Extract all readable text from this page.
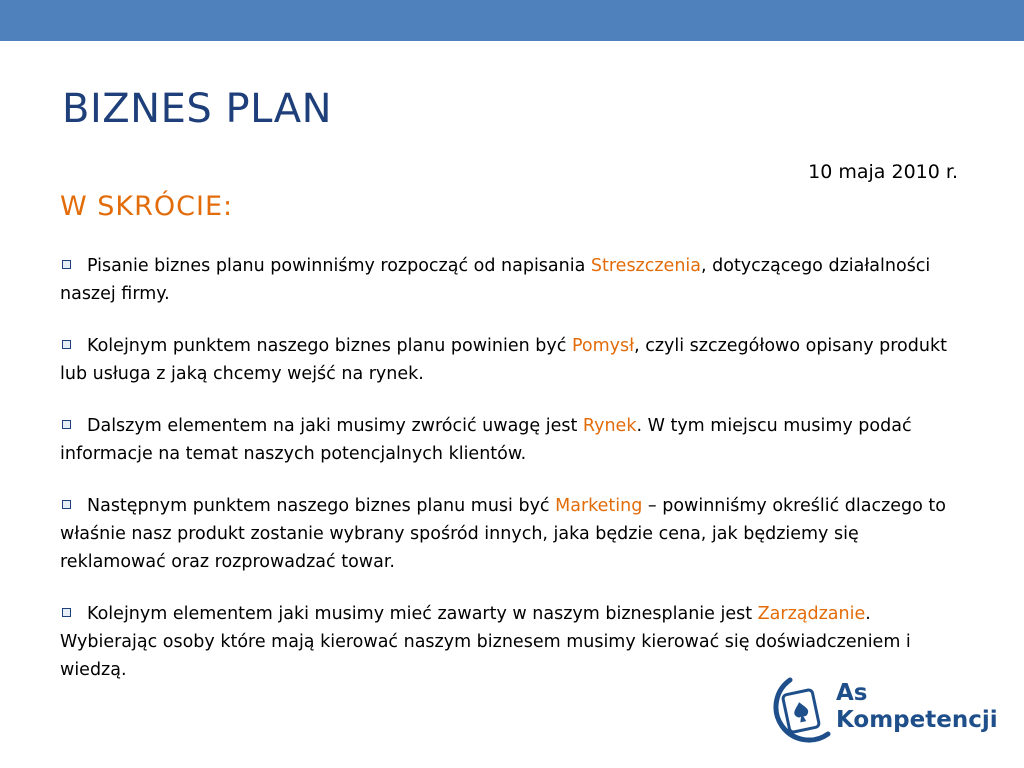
BIZNES PLAN
10 maja 2010 r.
W SKRÓCIE:
Pisanie biznes planu powinniśmy rozpocząć od napisania Streszczenia, dotyczącego działalności naszej firmy.
Kolejnym punktem naszego biznes planu powinien być Pomysł, czyli szczegółowo opisany produkt lub usługa z jaką chcemy wejść na rynek.
Dalszym elementem na jaki musimy zwrócić uwagę jest Rynek. W tym miejscu musimy podać informacje na temat naszych potencjalnych klientów.
Następnym punktem naszego biznes planu musi być Marketing – powinniśmy określić dlaczego to właśnie nasz produkt zostanie wybrany spośród innych, jaka będzie cena, jak będziemy się reklamować oraz rozprowadzać towar.
Kolejnym elementem jaki musimy mieć zawarty w naszym biznesplanie jest Zarządzanie. Wybierając osoby które mają kierować naszym biznesem musimy kierować się doświadczeniem i wiedzą.
As
Kompetencji
